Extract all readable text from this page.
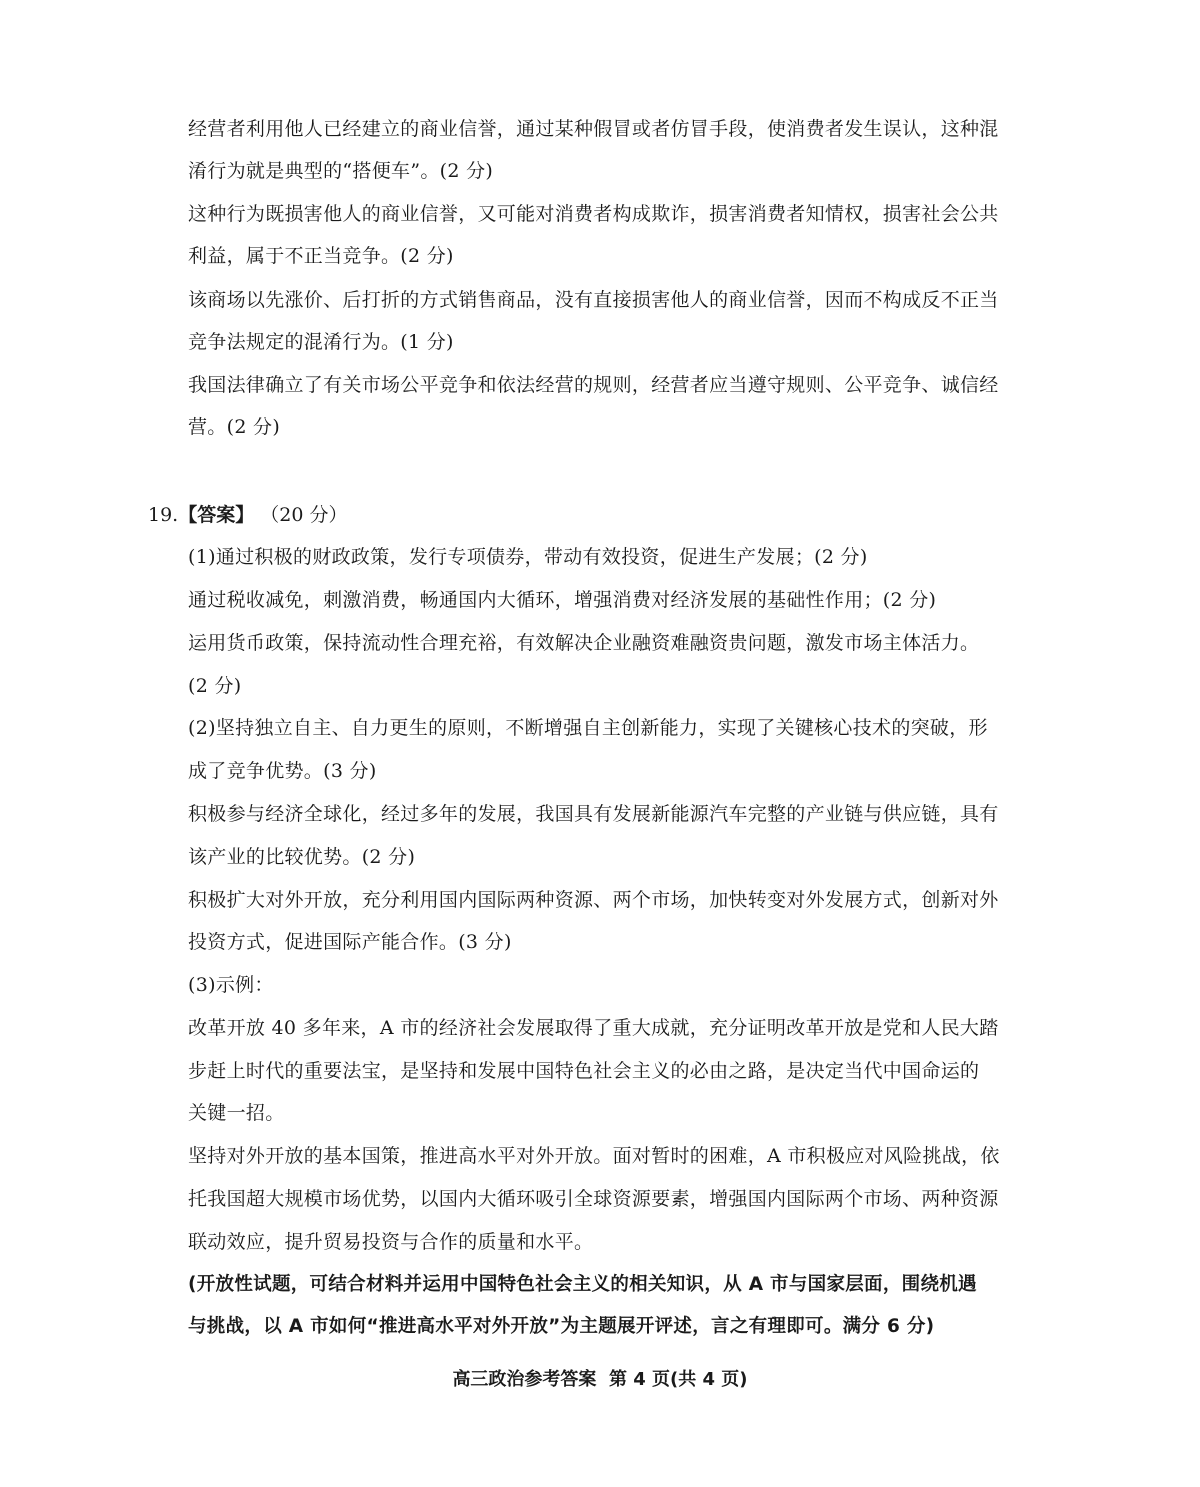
经营者利用他人已经建立的商业信誉，通过某种假冒或者仿冒手段，使消费者发生误认，这种混
淆行为就是典型的“搭便车”。(2 分)
这种行为既损害他人的商业信誉，又可能对消费者构成欺诈，损害消费者知情权，损害社会公共
利益，属于不正当竞争。(2 分)
该商场以先涨价、后打折的方式销售商品，没有直接损害他人的商业信誉，因而不构成反不正当
竞争法规定的混淆行为。(1 分)
我国法律确立了有关市场公平竞争和依法经营的规则，经营者应当遵守规则、公平竞争、诚信经
营。(2 分)
19.【答案】 （20 分）
(1)通过积极的财政政策，发行专项债券，带动有效投资，促进生产发展；(2 分)
通过税收减免，刺激消费，畅通国内大循环，增强消费对经济发展的基础性作用；(2 分)
运用货币政策，保持流动性合理充裕，有效解决企业融资难融资贵问题，激发市场主体活力。
(2 分)
(2)坚持独立自主、自力更生的原则，不断增强自主创新能力，实现了关键核心技术的突破，形
成了竞争优势。(3 分)
积极参与经济全球化，经过多年的发展，我国具有发展新能源汽车完整的产业链与供应链，具有
该产业的比较优势。(2 分)
积极扩大对外开放，充分利用国内国际两种资源、两个市场，加快转变对外发展方式，创新对外
投资方式，促进国际产能合作。(3 分)
(3)示例：
改革开放 40 多年来，A 市的经济社会发展取得了重大成就，充分证明改革开放是党和人民大踏
步赶上时代的重要法宝，是坚持和发展中国特色社会主义的必由之路，是决定当代中国命运的
关键一招。
坚持对外开放的基本国策，推进高水平对外开放。面对暂时的困难，A 市积极应对风险挑战，依
托我国超大规模市场优势，以国内大循环吸引全球资源要素，增强国内国际两个市场、两种资源
联动效应，提升贸易投资与合作的质量和水平。
(开放性试题，可结合材料并运用中国特色社会主义的相关知识，从 A 市与国家层面，围绕机遇
与挑战，以 A 市如何“推进高水平对外开放”为主题展开评述，言之有理即可。满分 6 分)
高三政治参考答案  第 4 页(共 4 页)
